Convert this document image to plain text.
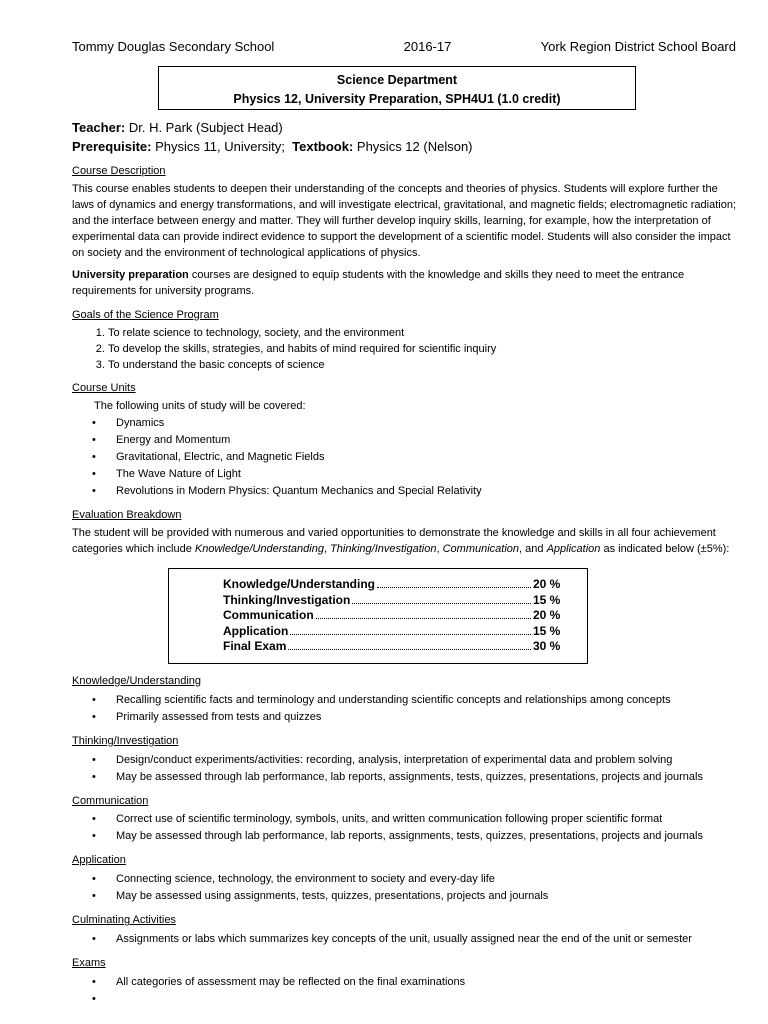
Tommy Douglas Secondary School	2016-17	York Region District School Board
Science Department
Physics 12, University Preparation, SPH4U1 (1.0 credit)
Teacher: Dr. H. Park (Subject Head)
Prerequisite: Physics 11, University; Textbook: Physics 12 (Nelson)
Course Description

This course enables students to deepen their understanding of the concepts and theories of physics. Students will explore further the laws of dynamics and energy transformations, and will investigate electrical, gravitational, and magnetic fields; electromagnetic radiation; and the interface between energy and matter. They will further develop inquiry skills, learning, for example, how the interpretation of experimental data can provide indirect evidence to support the development of a scientific model. Students will also consider the impact on society and the environment of technological applications of physics.

University preparation courses are designed to equip students with the knowledge and skills they need to meet the entrance requirements for university programs.

Goals of the Science Program
1. To relate science to technology, society, and the environment
2. To develop the skills, strategies, and habits of mind required for scientific inquiry
3. To understand the basic concepts of science
Course Units
The following units of study will be covered:
• Dynamics
• Energy and Momentum
• Gravitational, Electric, and Magnetic Fields
• The Wave Nature of Light
• Revolutions in Modern Physics: Quantum Mechanics and Special Relativity
Evaluation Breakdown

The student will be provided with numerous and varied opportunities to demonstrate the knowledge and skills in all four achievement categories which include Knowledge/Understanding, Thinking/Investigation, Communication, and Application as indicated below (±5%):

Knowledge/Understanding	20 %
Thinking/Investigation	15 %
Communication	20 %
Application	15 %
Final Exam	30 %
Knowledge/Understanding
• Recalling scientific facts and terminology and understanding scientific concepts and relationships among concepts
• Primarily assessed from tests and quizzes
Thinking/Investigation
• Design/conduct experiments/activities: recording, analysis, interpretation of experimental data and problem solving
• May be assessed through lab performance, lab reports, assignments, tests, quizzes, presentations, projects and journals
Communication
• Correct use of scientific terminology, symbols, units, and written communication following proper scientific format
• May be assessed through lab performance, lab reports, assignments, tests, quizzes, presentations, projects and journals
Application
• Connecting science, technology, the environment to society and every-day life
• May be assessed using assignments, tests, quizzes, presentations, projects and journals
Culminating Activities
• Assignments or labs which summarizes key concepts of the unit, usually assigned near the end of the unit or semester
Exams
• All categories of assessment may be reflected on the final examinations
•
